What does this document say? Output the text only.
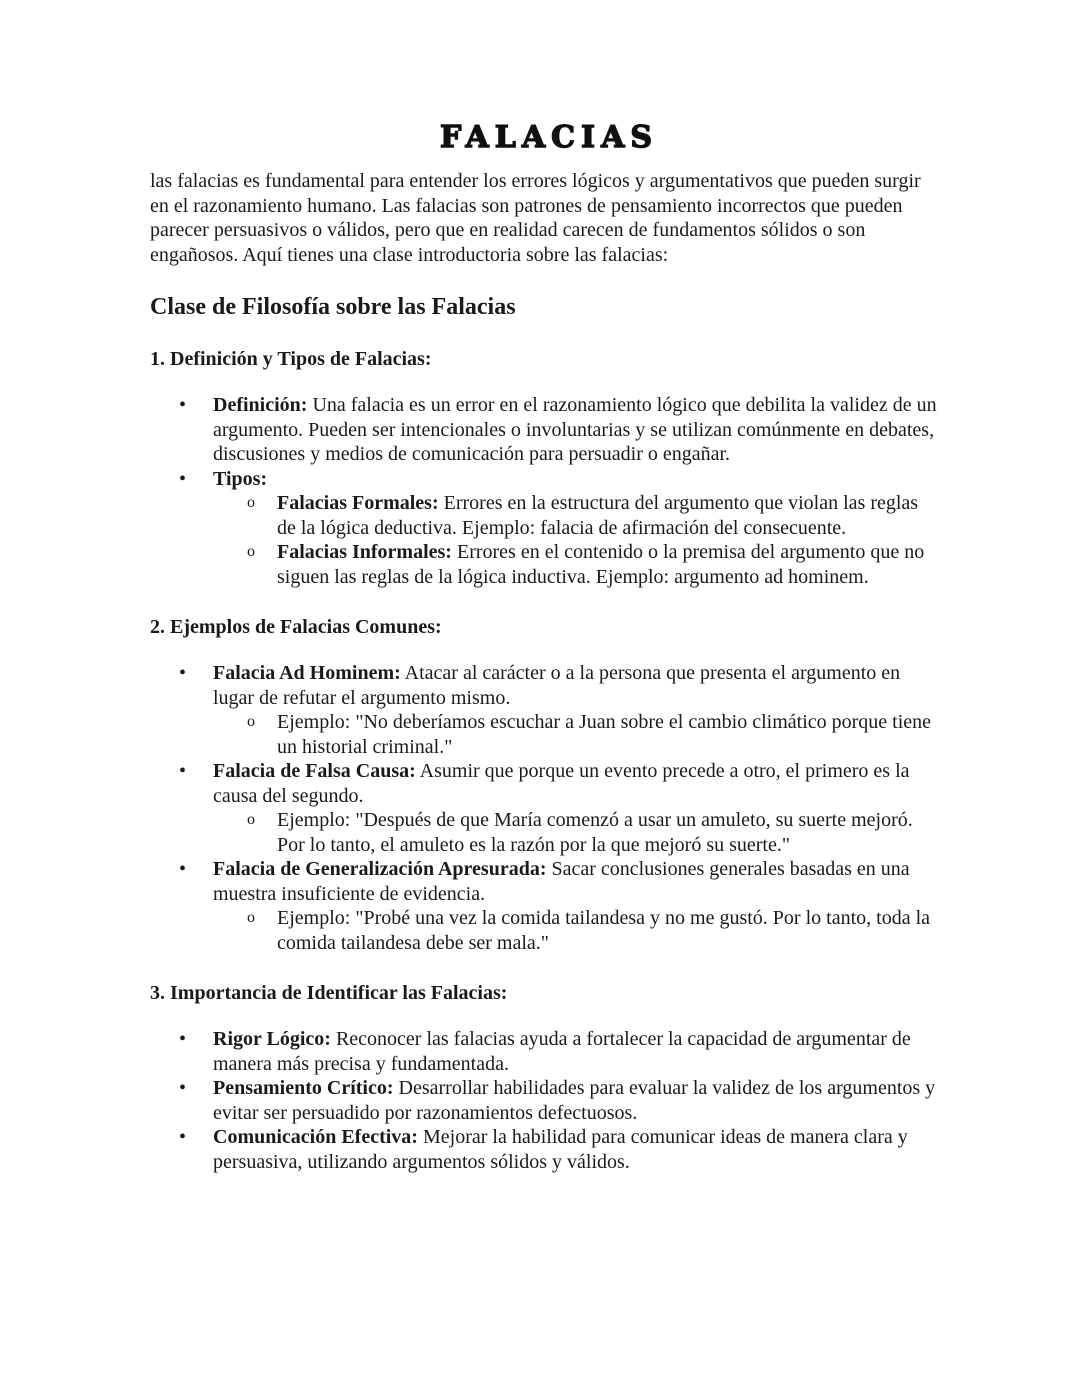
FALACIAS

las falacias es fundamental para entender los errores lógicos y argumentativos que pueden surgir en el razonamiento humano. Las falacias son patrones de pensamiento incorrectos que pueden parecer persuasivos o válidos, pero que en realidad carecen de fundamentos sólidos o son engañosos. Aquí tienes una clase introductoria sobre las falacias:

Clase de Filosofía sobre las Falacias
1. Definición y Tipos de Falacias:
• Definición: Una falacia es un error en el razonamiento lógico que debilita la validez de un argumento. Pueden ser intencionales o involuntarias y se utilizan comúnmente en debates, discusiones y medios de comunicación para persuadir o engañar.
• Tipos:
o Falacias Formales: Errores en la estructura del argumento que violan las reglas de la lógica deductiva. Ejemplo: falacia de afirmación del consecuente.
o Falacias Informales: Errores en el contenido o la premisa del argumento que no siguen las reglas de la lógica inductiva. Ejemplo: argumento ad hominem.
2. Ejemplos de Falacias Comunes:
• Falacia Ad Hominem: Atacar al carácter o a la persona que presenta el argumento en lugar de refutar el argumento mismo.
o Ejemplo: "No deberíamos escuchar a Juan sobre el cambio climático porque tiene un historial criminal."
• Falacia de Falsa Causa: Asumir que porque un evento precede a otro, el primero es la causa del segundo.
o Ejemplo: "Después de que María comenzó a usar un amuleto, su suerte mejoró. Por lo tanto, el amuleto es la razón por la que mejoró su suerte."
• Falacia de Generalización Apresurada: Sacar conclusiones generales basadas en una muestra insuficiente de evidencia.
o Ejemplo: "Probé una vez la comida tailandesa y no me gustó. Por lo tanto, toda la comida tailandesa debe ser mala."
3. Importancia de Identificar las Falacias:
• Rigor Lógico: Reconocer las falacias ayuda a fortalecer la capacidad de argumentar de manera más precisa y fundamentada.
• Pensamiento Crítico: Desarrollar habilidades para evaluar la validez de los argumentos y evitar ser persuadido por razonamientos defectuosos.
• Comunicación Efectiva: Mejorar la habilidad para comunicar ideas de manera clara y persuasiva, utilizando argumentos sólidos y válidos.
